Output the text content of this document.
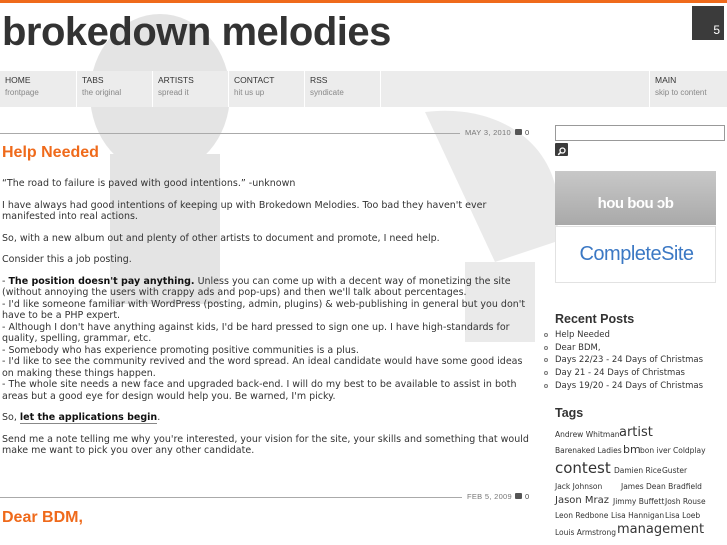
brokedown melodies	5
HOME
frontpage
TABS
the original
ARTISTS
spread it
CONTACT
hit us up
RSS
syndicate
MAIN
skip to content
MAY 3, 2010 0
Help Needed

“The road to failure is paved with good intentions.” -unknown

I have always had good intentions of keeping up with Brokedown Melodies. Too bad they haven't ever manifested into real actions.

So, with a new album out and plenty of other artists to document and promote, I need help.

Consider this a job posting.

- The position doesn't pay anything. Unless you can come up with a decent way of monetizing the site (without annoying the users with crappy ads and pop-ups) and then we'll talk about percentages.
- I'd like someone familiar with WordPress (posting, admin, plugins) & web-publishing in general but you don't have to be a PHP expert.
- Although I don't have anything against kids, I'd be hard pressed to sign one up. I have high-standards for quality, spelling, grammar, etc.
- Somebody who has experience promoting positive communities is a plus.
- I'd like to see the community revived and the word spread. An ideal candidate would have some good ideas on making these things happen.
- The whole site needs a new face and upgraded back-end. I will do my best to be available to assist in both areas but a good eye for design would help you. Be warned, I'm picky.

So, let the applications begin.

Send me a note telling me why you're interested, your vision for the site, your skills and something that would make me want to pick you over any other candidate.

FEB 5, 2009 0
Dear BDM,
hou bou ↄb
CompleteSite
Recent Posts
Help Needed
Dear BDM,
Days 22/23 - 24 Days of Christmas
Day 21 - 24 Days of Christmas
Days 19/20 - 24 Days of Christmas
Tags
Andrew Whitman artist
Barenaked Ladies bm bon iver Coldplay
contest Damien Rice Guster
Jack Johnson	James Dean Bradfield
Jason Mraz Jimmy Buffett Josh Rouse
Leon Redbone Lisa Hannigan Lisa Loeb
Louis Armstrong management
